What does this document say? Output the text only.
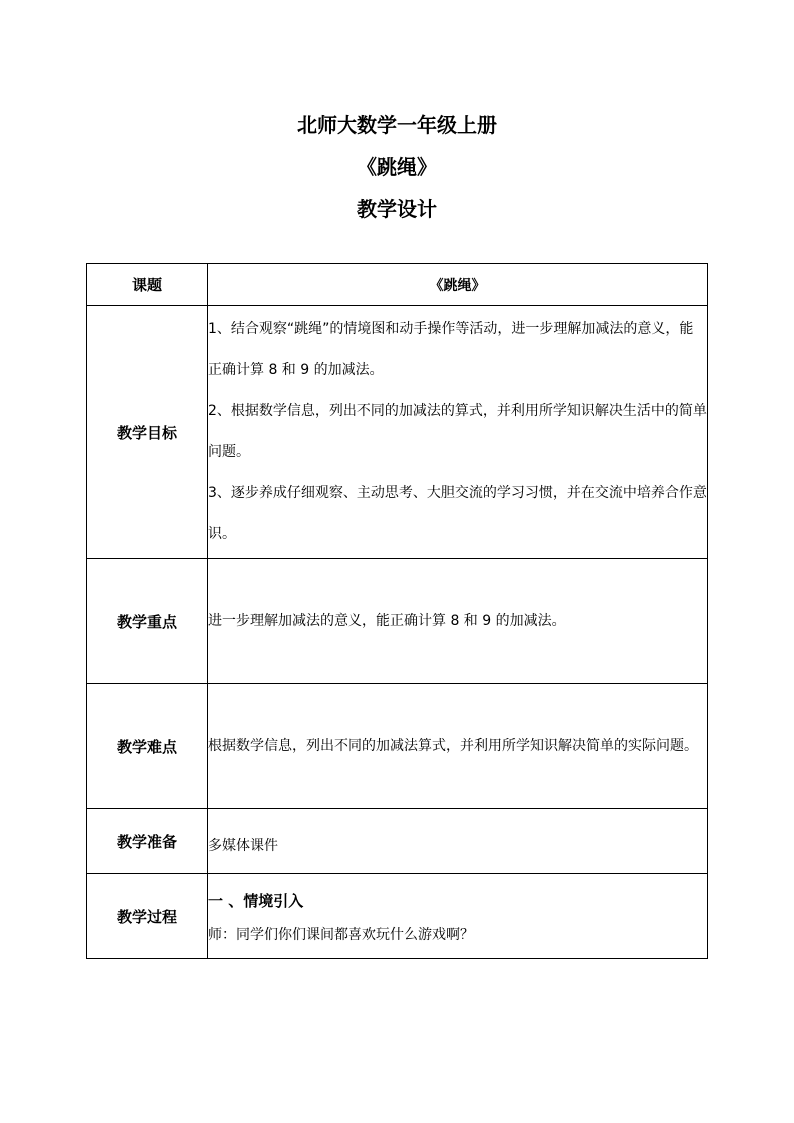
北师大数学一年级上册
《跳绳》
教学设计
课题	《跳绳》
教学目标	1、结合观察“跳绳”的情境图和动手操作等活动，进一步理解加减法的意义，能正确计算 8 和 9 的加减法。
2、根据数学信息，列出不同的加减法的算式，并利用所学知识解决生活中的简单问题。
3、逐步养成仔细观察、主动思考、大胆交流的学习习惯，并在交流中培养合作意识。

教学重点	进一步理解加减法的意义，能正确计算 8 和 9 的加减法。
教学难点	根据数学信息，列出不同的加减法算式，并利用所学知识解决简单的实际问题。
教学准备	多媒体课件

教学过程	一 、情境引入
师：同学们你们课间都喜欢玩什么游戏啊？
